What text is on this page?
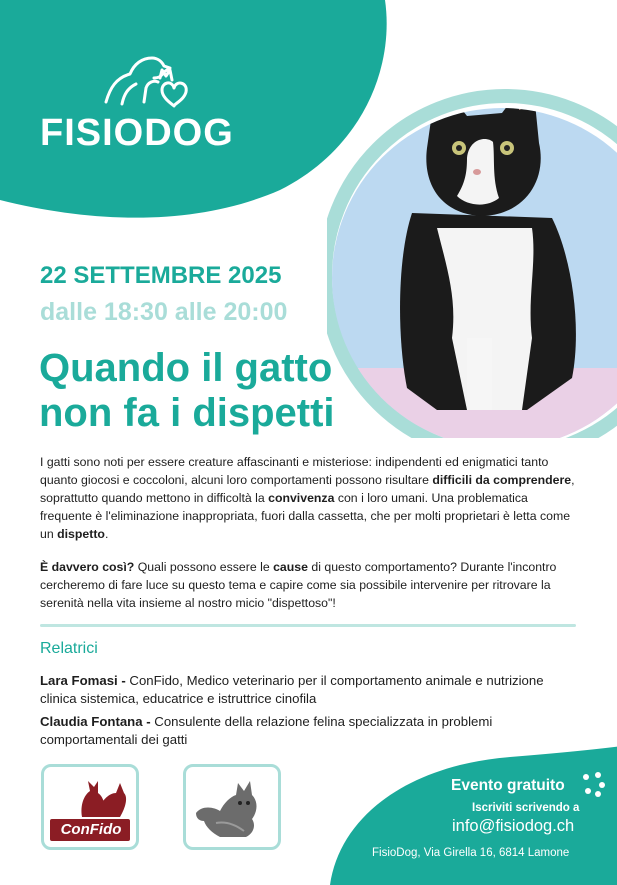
FISIODOG
22 SETTEMBRE 2025
dalle 18:30 alle 20:00
Quando il gatto
non fa i dispetti
I gatti sono noti per essere creature affascinanti e misteriose: indipendenti ed enigmatici tanto quanto giocosi e coccoloni, alcuni loro comportamenti possono risultare difficili da comprendere, soprattutto quando mettono in difficoltà la convivenza con i loro umani. Una problematica frequente è l'eliminazione inappropriata, fuori dalla cassetta, che per molti proprietari è letta come un dispetto.
È davvero così? Quali possono essere le cause di questo comportamento? Durante l'incontro cercheremo di fare luce su questo tema e capire come sia possibile intervenire per ritrovare la serenità nella vita insieme al nostro micio "dispettoso"!
Relatrici
Lara Fomasi - ConFido, Medico veterinario per il comportamento animale e nutrizione clinica sistemica, educatrice e istruttrice cinofila
Claudia Fontana - Consulente della relazione felina specializzata in problemi comportamentali dei gatti
ConFido
Evento gratuito
Iscriviti scrivendo a
info@fisiodog.ch
FisioDog, Via Girella 16, 6814 Lamone
